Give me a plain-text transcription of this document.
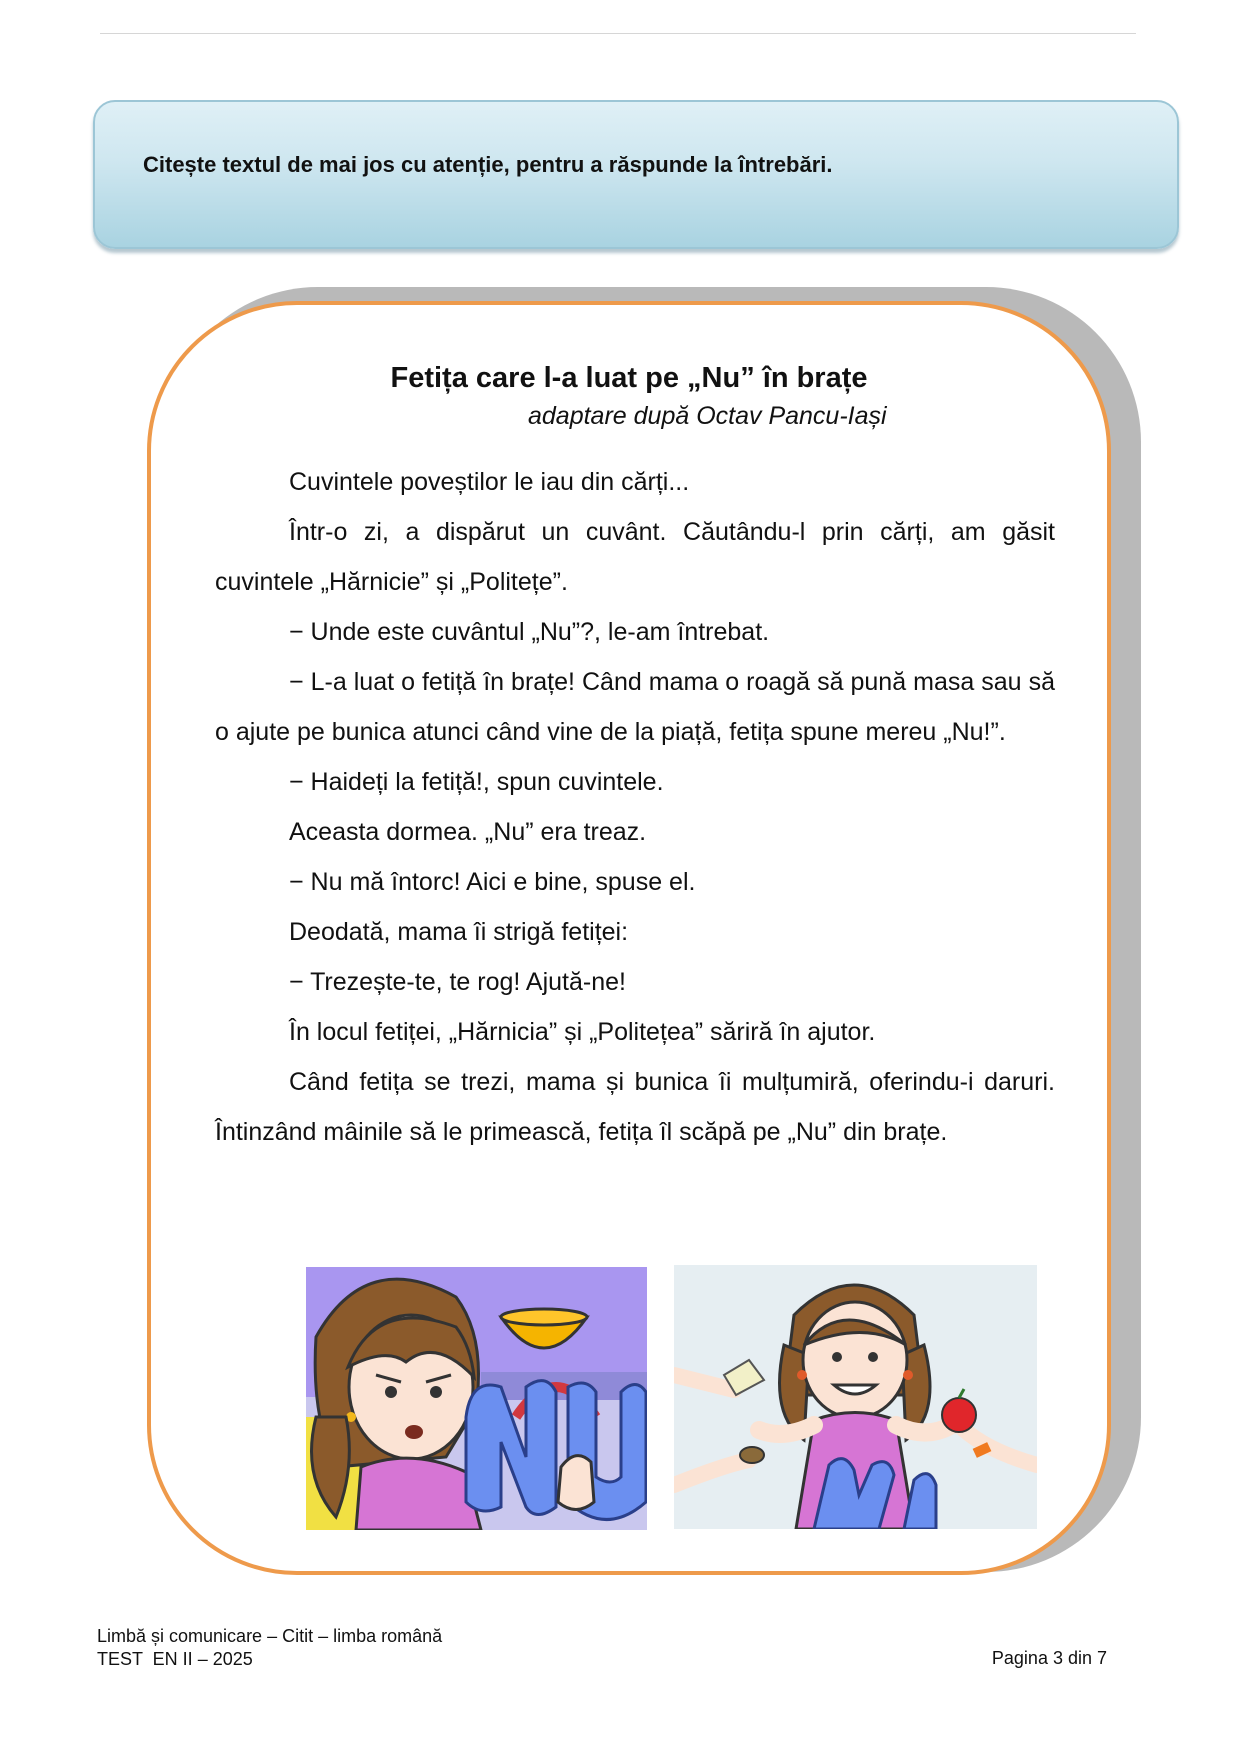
Citește textul de mai jos cu atenție, pentru a răspunde la întrebări.
Fetița care l-a luat pe „Nu” în brațe
adaptare după Octav Pancu-Iași

Cuvintele poveștilor le iau din cărți...

Într-o zi, a dispărut un cuvânt. Căutându-l prin cărți, am găsit cuvintele „Hărnicie” și „Politețe”.

− Unde este cuvântul „Nu”?, le-am întrebat.

− L-a luat o fetiță în brațe! Când mama o roagă să pună masa sau să o ajute pe bunica atunci când vine de la piață, fetița spune mereu „Nu!”.

− Haideți la fetiță!, spun cuvintele.

Aceasta dormea. „Nu” era treaz.

− Nu mă întorc! Aici e bine, spuse el.

Deodată, mama îi strigă fetiței:

− Trezește-te, te rog! Ajută-ne!

În locul fetiței, „Hărnicia” și „Politețea” săriră în ajutor.

Când fetița se trezi, mama și bunica îi mulțumiră, oferindu-i daruri. Întinzând mâinile să le primească, fetița îl scăpă pe „Nu” din brațe.

Limbă și comunicare – Citit – limba română
TEST  EN II – 2025	Pagina 3 din 7
